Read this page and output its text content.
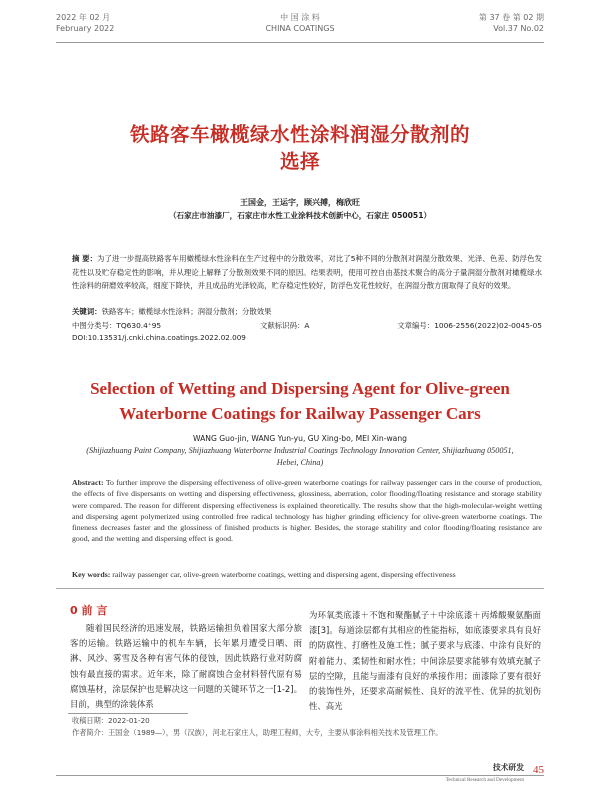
2022 年 02 月
February 2022
中 国 涂 料
CHINA COATINGS
第 37 卷 第 02 期
Vol.37 No.02
铁路客车橄榄绿水性涂料润湿分散剂的
选择
王国金，王运宇，顾兴搏，梅欣旺
（石家庄市油漆厂，石家庄市水性工业涂料技术创新中心，石家庄 050051）
摘 要：为了进一步提高铁路客车用橄榄绿水性涂料在生产过程中的分散效率，对比了5种不同的分散剂对润湿分散效果、光泽、色差、防浮色发花性以及贮存稳定性的影响，并从理论上解释了分散剂效果不同的原因。结果表明，使用可控自由基技术聚合的高分子量润湿分散剂对橄榄绿水性涂料的研磨效率较高，细度下降快，并且成品的光泽较高，贮存稳定性较好，防浮色发花性较好，在润湿分散方面取得了良好的效果。
关键词：铁路客车；橄榄绿水性涂料；润湿分散剂；分散效果
中图分类号：TQ630.4⁺95	文献标识码：A	文章编号：1006-2556(2022)02-0045-05
DOI:10.13531/j.cnki.china.coatings.2022.02.009
Selection of Wetting and Dispersing Agent for Olive-green
Waterborne Coatings for Railway Passenger Cars
WANG Guo-jin, WANG Yun-yu, GU Xing-bo, MEI Xin-wang
(Shijiazhuang Paint Company, Shijiazhuang Waterborne Industrial Coatings Technology Innovation Center, Shijiazhuang 050051,
Hebei, China)
Abstract: To further improve the dispersing effectiveness of olive-green waterborne coatings for railway passenger cars in the course of production, the effects of five dispersants on wetting and dispersing effectiveness, glossiness, aberration, color flooding/floating resistance and storage stability were compared. The reason for different dispersing effectiveness is explained theoretically. The results show that the high-molecular-weight wetting and dispersing agent polymerized using controlled free radical technology has higher grinding efficiency for olive-green waterborne coatings. The fineness decreases faster and the glossiness of finished products is higher. Besides, the storage stability and color flooding/floating resistance are good, and the wetting and dispersing effect is good.
Key words: railway passenger car, olive-green waterborne coatings, wetting and dispersing agent, dispersing effectiveness
0 前 言
随着国民经济的迅速发展，铁路运输担负着国家大部分旅客的运输。铁路运输中的机车车辆，长年累月遭受日晒、雨淋、风沙、雾雪及各种有害气体的侵蚀，因此铁路行业对防腐蚀有最直接的需求。近年来，除了耐腐蚀合金材料替代原有易腐蚀基材，涂层保护也是解决这一问题的关键环节之一[1-2]。目前，典型的涂装体系
为环氧类底漆＋不饱和聚酯腻子＋中涂底漆＋丙烯酸聚氨酯面漆[3]。每道涂层都有其相应的性能指标，如底漆要求具有良好的防腐性、打磨性及施工性；腻子要求与底漆、中涂有良好的附着能力、柔韧性和耐水性；中间涂层要求能够有效填充腻子层的空隙，且能与面漆有良好的承接作用；面漆除了要有很好的装饰性外，还要求高耐候性、良好的流平性、优异的抗划伤性、高光
收稿日期：2022-01-20
作者简介：王国金（1989—），男（汉族），河北石家庄人，助理工程师，大专，主要从事涂料相关技术及管理工作。
技术研发
Technical Research and Development
45
